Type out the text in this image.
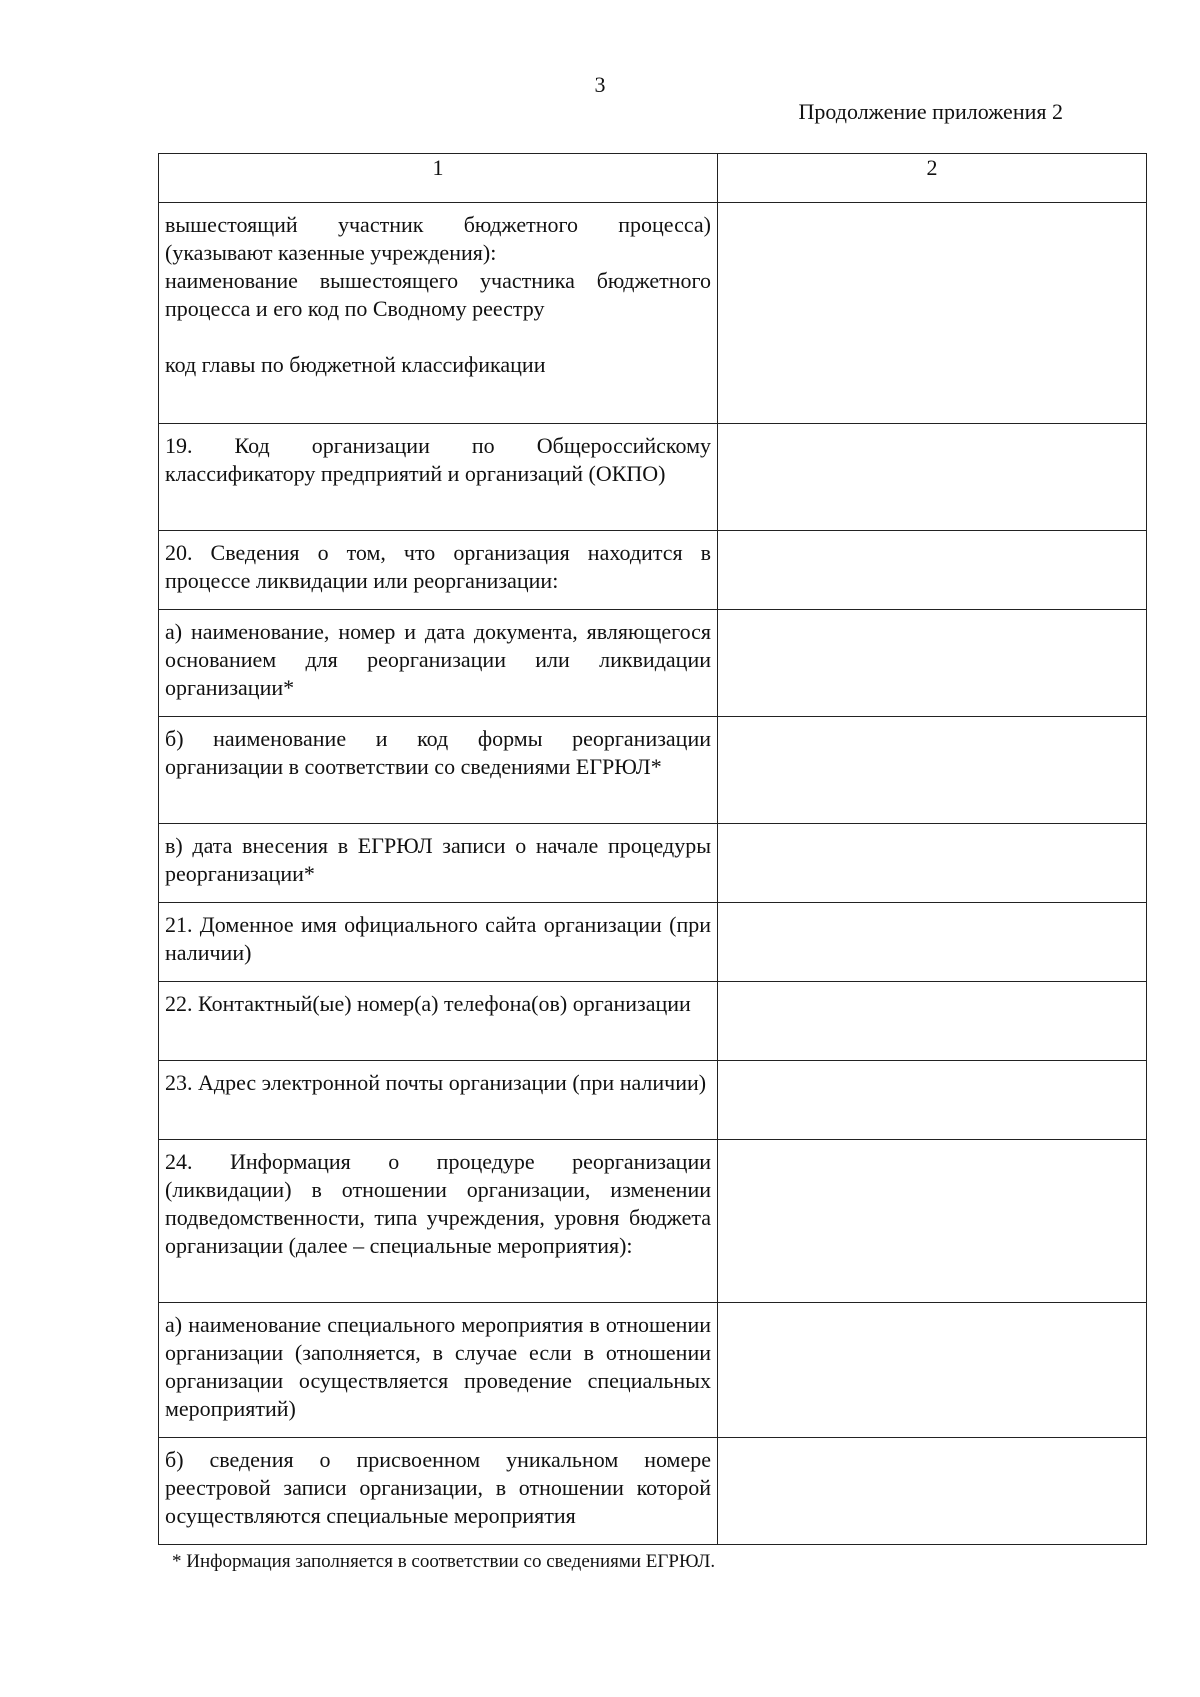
3
Продолжение приложения 2
1	2

вышестоящий участник бюджетного процесса) (указывают казенные учреждения):
наименование вышестоящего участника бюджетного процесса и его код по Сводному реестру
код главы по бюджетной классификации	

19. Код организации по Общероссийскому классификатору предприятий и организаций (ОКПО)	

20. Сведения о том, что организация находится в процессе ликвидации или реорганизации:	

а) наименование, номер и дата документа, являющегося основанием для реорганизации или ликвидации организации*	

б) наименование и код формы реорганизации организации в соответствии со сведениями ЕГРЮЛ*	

в) дата внесения в ЕГРЮЛ записи о начале процедуры реорганизации*	

21. Доменное имя официального сайта организации (при наличии)	

22. Контактный(ые) номер(а) телефона(ов) организации	

23. Адрес электронной почты организации (при наличии)	

24. Информация о процедуре реорганизации (ликвидации) в отношении организации, изменении подведомственности, типа учреждения, уровня бюджета организации (далее – специальные мероприятия):	

а) наименование специального мероприятия в отношении организации (заполняется, в случае если в отношении организации осуществляется проведение специальных мероприятий)	

б) сведения о присвоенном уникальном номере реестровой записи организации, в отношении которой осуществляются специальные мероприятия	

* Информация заполняется в соответствии со сведениями ЕГРЮЛ.
